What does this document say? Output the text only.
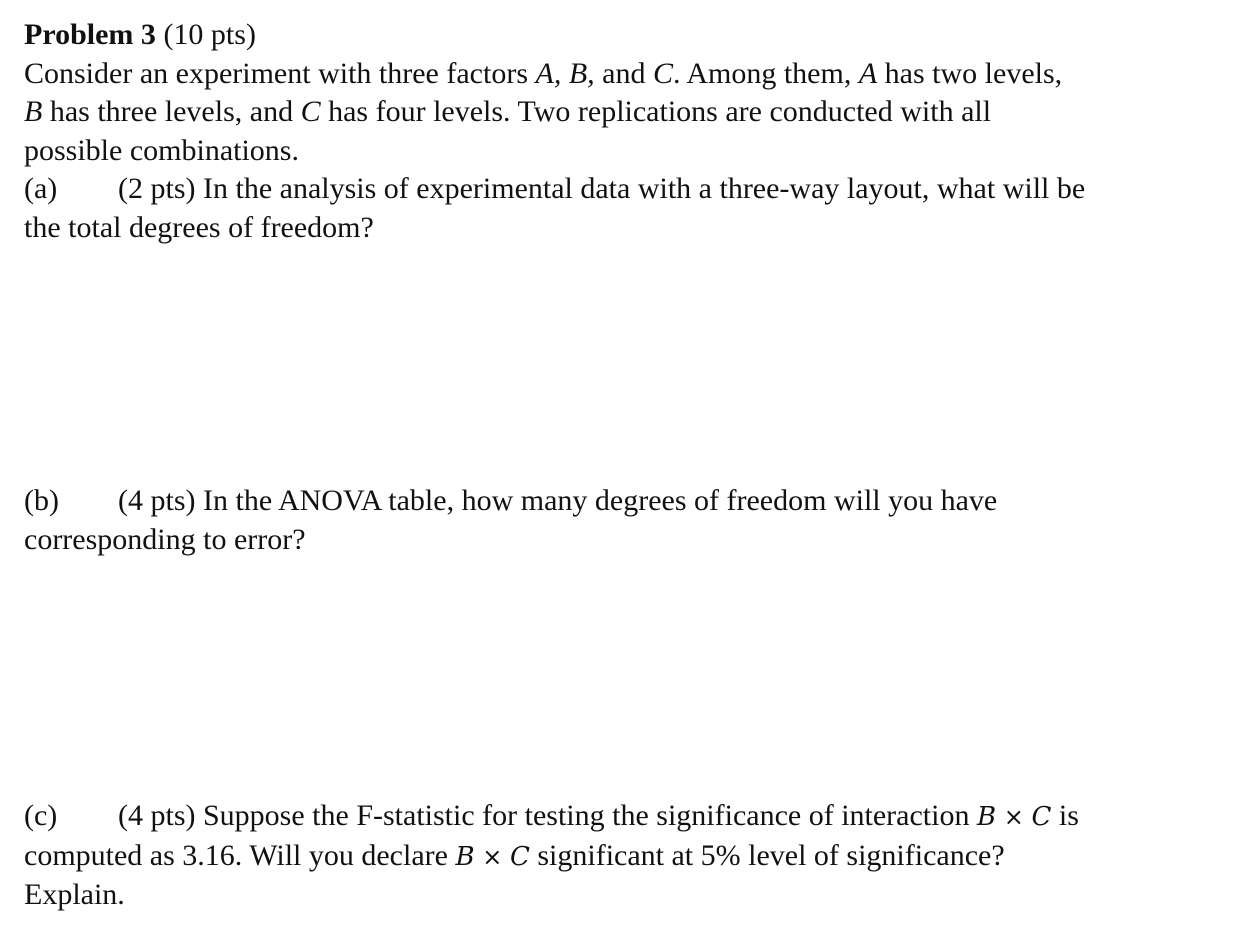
Problem 3 (10 pts)
Consider an experiment with three factors A, B, and C. Among them, A has two levels,
B has three levels, and C has four levels. Two replications are conducted with all
possible combinations.
(a) (2 pts) In the analysis of experimental data with a three-way layout, what will be
the total degrees of freedom?
(b) (4 pts) In the ANOVA table, how many degrees of freedom will you have
corresponding to error?
(c) (4 pts) Suppose the F-statistic for testing the significance of interaction B × C is
computed as 3.16. Will you declare B × C significant at 5% level of significance?
Explain.
